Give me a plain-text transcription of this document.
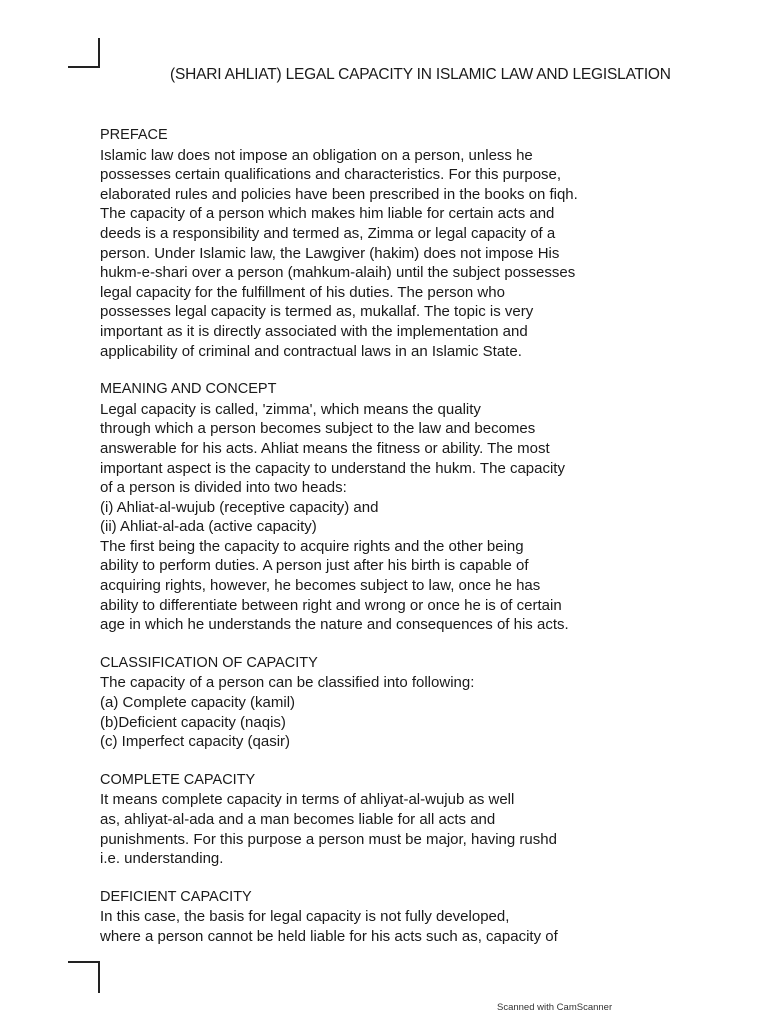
(SHARI AHLIAT) LEGAL CAPACITY IN ISLAMIC LAW AND LEGISLATION
PREFACE
Islamic law does not impose an obligation on a person, unless he
possesses certain qualifications and characteristics. For this purpose,
elaborated rules and policies have been prescribed in the books on fiqh.
The capacity of a person which makes him liable for certain acts and
deeds is a responsibility and termed as, Zimma or legal capacity of a
person. Under Islamic law, the Lawgiver (hakim) does not impose His
hukm-e-shari over a person (mahkum-alaih) until the subject possesses
legal capacity for the fulfillment of his duties. The person who
possesses legal capacity is termed as, mukallaf. The topic is very
important as it is directly associated with the implementation and
applicability of criminal and contractual laws in an Islamic State.
MEANING AND CONCEPT
Legal capacity is called, 'zimma', which means the quality
through which a person becomes subject to the law and becomes
answerable for his acts. Ahliat means the fitness or ability. The most
important aspect is the capacity to understand the hukm. The capacity
of a person is divided into two heads:
(i) Ahliat-al-wujub (receptive capacity) and
(ii) Ahliat-al-ada (active capacity)
The first being the capacity to acquire rights and the other being
ability to perform duties. A person just after his birth is capable of
acquiring rights, however, he becomes subject to law, once he has
ability to differentiate between right and wrong or once he is of certain
age in which he understands the nature and consequences of his acts.
CLASSIFICATION OF CAPACITY
The capacity of a person can be classified into following:
(a) Complete capacity (kamil)
(b)Deficient capacity (naqis)
(c) Imperfect capacity (qasir)
COMPLETE CAPACITY
It means complete capacity in terms of ahliyat-al-wujub as well
as, ahliyat-al-ada and a man becomes liable for all acts and
punishments. For this purpose a person must be major, having rushd
i.e. understanding.
DEFICIENT CAPACITY
In this case, the basis for legal capacity is not fully developed,
where a person cannot be held liable for his acts such as, capacity of
Scanned with CamScanner
